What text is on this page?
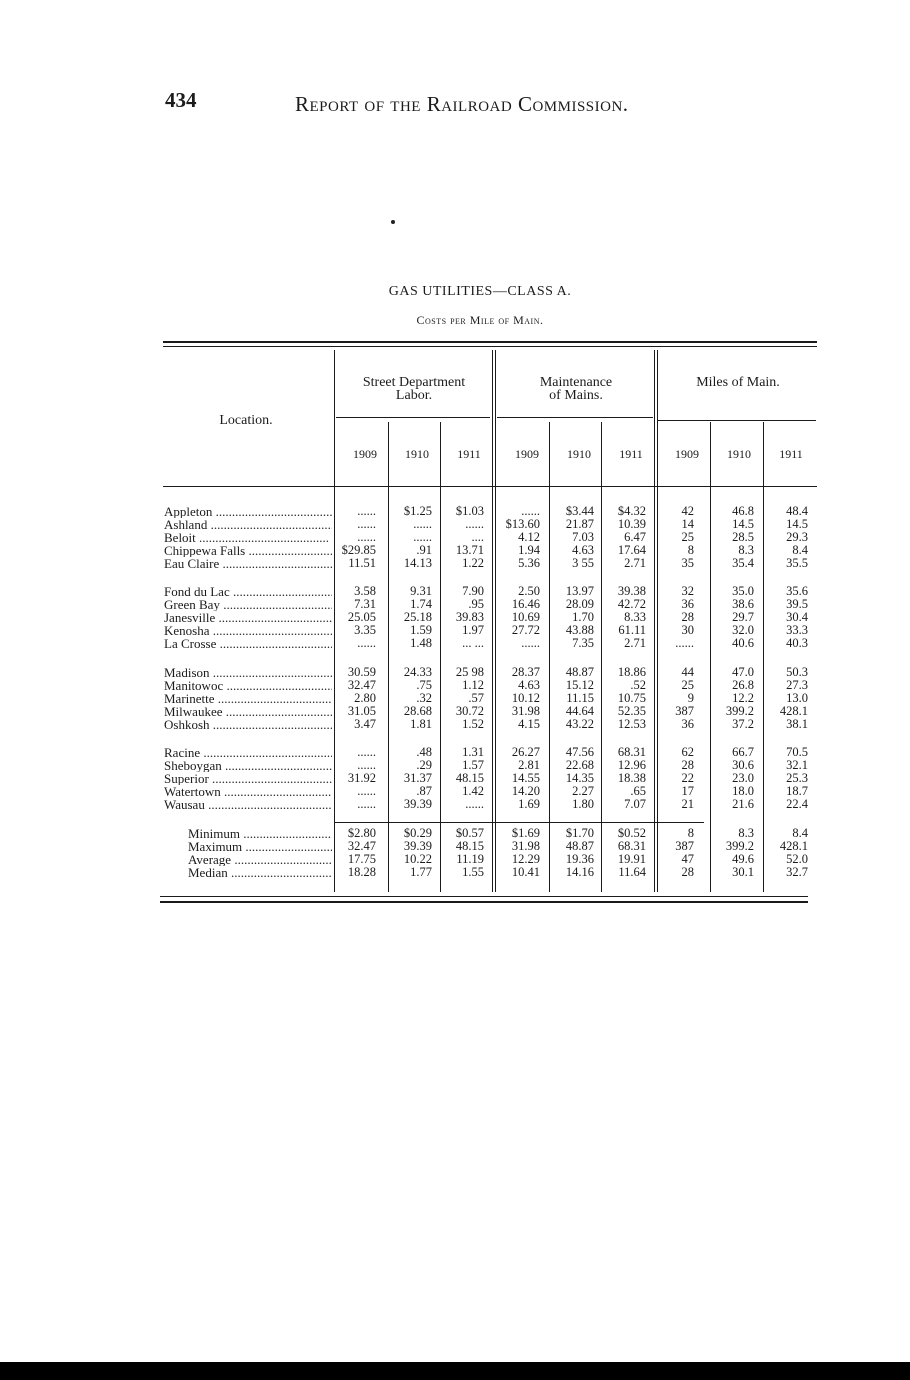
434	Report of the Railroad Commission.
GAS UTILITIES—CLASS A.
Costs per Mile of Main.
Street Department
Labor.
Maintenance
of Mains.
Miles of Main.
Location.
1909	1910	1911	1909	1910	1911	1909	1910	1911
Appleton .....	......	$1.25	$1.03	......	$3.44	$4.32	42	46.8	48.4
Ashland .....	......	......	......	$13.60	21.87	10.39	14	14.5	14.5
Beloit .....	......	......	....	4.12	7.03	6.47	25	28.5	29.3
Chippewa Falls .....	$29.85	.91	13.71	1.94	4.63	17.64	8	8.3	8.4
Eau Claire .....	11.51	14.13	1.22	5.36	3 55	2.71	35	35.4	35.5
Fond du Lac .....	3.58	9.31	7.90	2.50	13.97	39.38	32	35.0	35.6
Green Bay .....	7.31	1.74	.95	16.46	28.09	42.72	36	38.6	39.5
Janesville .....	25.05	25.18	39.83	10.69	1.70	8.33	28	29.7	30.4
Kenosha .....	3.35	1.59	1.97	27.72	43.88	61.11	30	32.0	33.3
La Crosse .....	......	1.48	... ...	......	7.35	2.71	......	40.6	40.3
Madison .....	30.59	24.33	25 98	28.37	48.87	18.86	44	47.0	50.3
Manitowoc .....	32.47	.75	1.12	4.63	15.12	.52	25	26.8	27.3
Marinette .....	2.80	.32	.57	10.12	11.15	10.75	9	12.2	13.0
Milwaukee .....	31.05	28.68	30.72	31.98	44.64	52.35	387	399.2	428.1
Oshkosh .....	3.47	1.81	1.52	4.15	43.22	12.53	36	37.2	38.1
Racine .....	......	.48	1.31	26.27	47.56	68.31	62	66.7	70.5
Sheboygan .....	......	.29	1.57	2.81	22.68	12.96	28	30.6	32.1
Superior .....	31.92	31.37	48.15	14.55	14.35	18.38	22	23.0	25.3
Watertown .....	......	.87	1.42	14.20	2.27	.65	17	18.0	18.7
Wausau .....	......	39.39	......	1.69	1.80	7.07	21	21.6	22.4
Minimum .....	$2.80	$0.29	$0.57	$1.69	$1.70	$0.52	8	8.3	8.4
Maximum .....	32.47	39.39	48.15	31.98	48.87	68.31	387	399.2	428.1
Average .....	17.75	10.22	11.19	12.29	19.36	19.91	47	49.6	52.0
Median .....	18.28	1.77	1.55	10.41	14.16	11.64	28	30.1	32.7
